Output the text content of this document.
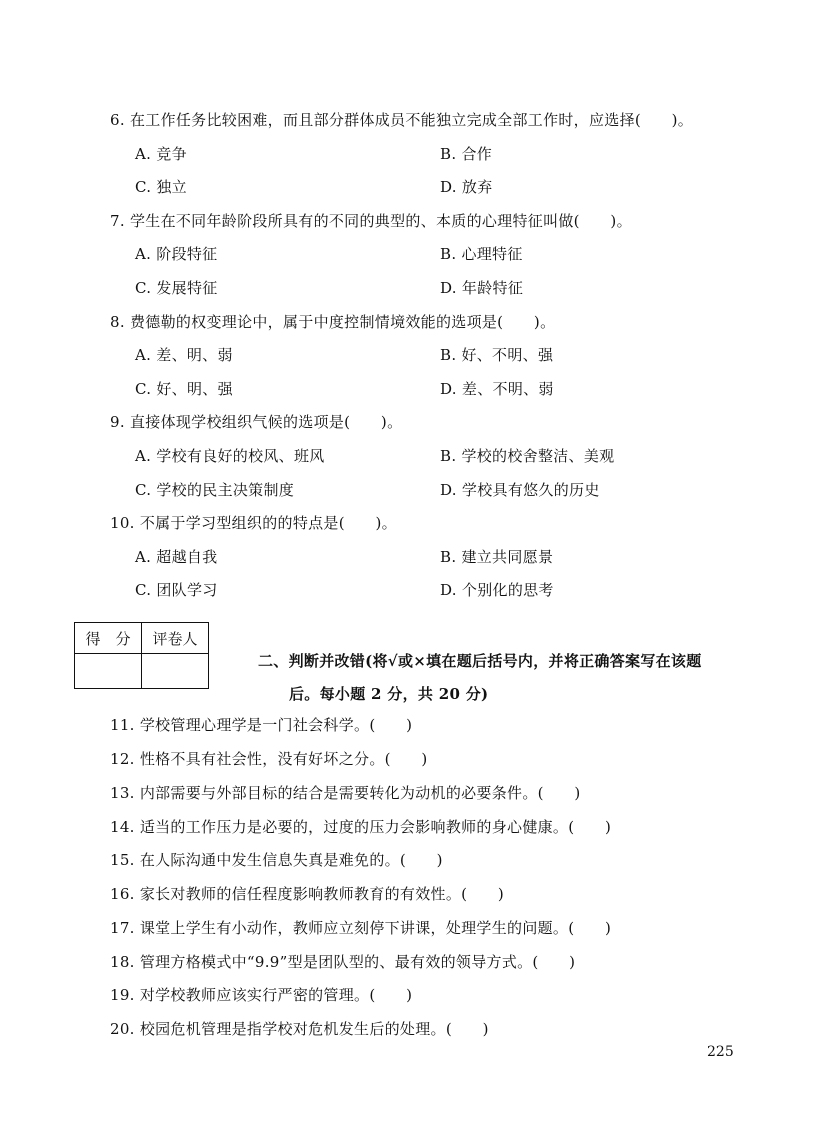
6. 在工作任务比较困难，而且部分群体成员不能独立完成全部工作时，应选择(　　)。
A. 竞争	B. 合作
C. 独立	D. 放弃
7. 学生在不同年龄阶段所具有的不同的典型的、本质的心理特征叫做(　　)。
A. 阶段特征	B. 心理特征
C. 发展特征	D. 年龄特征
8. 费德勒的权变理论中，属于中度控制情境效能的选项是(　　)。
A. 差、明、弱	B. 好、不明、强
C. 好、明、强	D. 差、不明、弱
9. 直接体现学校组织气候的选项是(　　)。
A. 学校有良好的校风、班风	B. 学校的校舍整洁、美观
C. 学校的民主决策制度	D. 学校具有悠久的历史
10. 不属于学习型组织的的特点是(　　)。
A. 超越自我	B. 建立共同愿景
C. 团队学习	D. 个别化的思考
得　分	评卷人

二、判断并改错(将√或×填在题后括号内，并将正确答案写在该题
后。每小题 2 分，共 20 分)
11. 学校管理心理学是一门社会科学。(　　)
12. 性格不具有社会性，没有好坏之分。(　　)
13. 内部需要与外部目标的结合是需要转化为动机的必要条件。(　　)
14. 适当的工作压力是必要的，过度的压力会影响教师的身心健康。(　　)
15. 在人际沟通中发生信息失真是难免的。(　　)
16. 家长对教师的信任程度影响教师教育的有效性。(　　)
17. 课堂上学生有小动作，教师应立刻停下讲课，处理学生的问题。(　　)
18. 管理方格模式中“9.9”型是团队型的、最有效的领导方式。(　　)
19. 对学校教师应该实行严密的管理。(　　)
20. 校园危机管理是指学校对危机发生后的处理。(　　)
225
